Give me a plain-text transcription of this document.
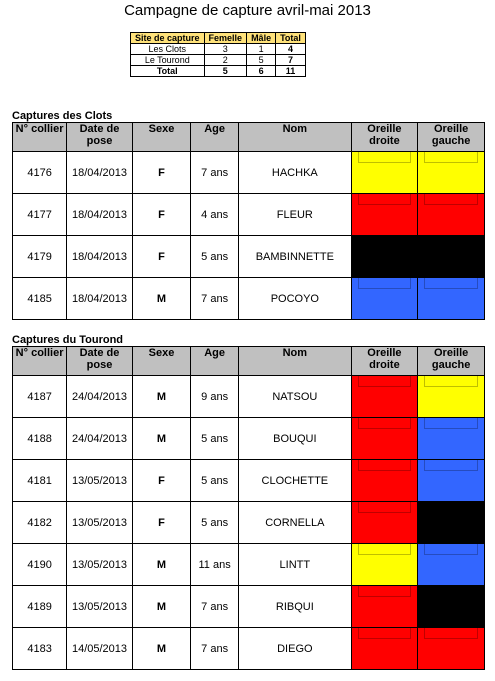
Campagne de capture avril-mai 2013
Site de capture	Femelle	Mâle	Total
Les Clots	3	1	4
Le Tourond	2	5	7
Total	5	6	11
Captures des Clots
N° collier	Date de pose	Sexe	Age	Nom	Oreille droite	Oreille gauche
4176	18/04/2013	F	7 ans	HACHKA	

4177	18/04/2013	F	4 ans	FLEUR	

4179	18/04/2013	F	5 ans	BAMBINNETTE	

4185	18/04/2013	M	7 ans	POCOYO	

Captures du Tourond
N° collier	Date de pose	Sexe	Age	Nom	Oreille droite	Oreille gauche
4187	24/04/2013	M	9 ans	NATSOU	

4188	24/04/2013	M	5 ans	BOUQUI	

4181	13/05/2013	F	5 ans	CLOCHETTE	

4182	13/05/2013	F	5 ans	CORNELLA	

4190	13/05/2013	M	11 ans	LINTT	

4189	13/05/2013	M	7 ans	RIBQUI	

4183	14/05/2013	M	7 ans	DIEGO	
